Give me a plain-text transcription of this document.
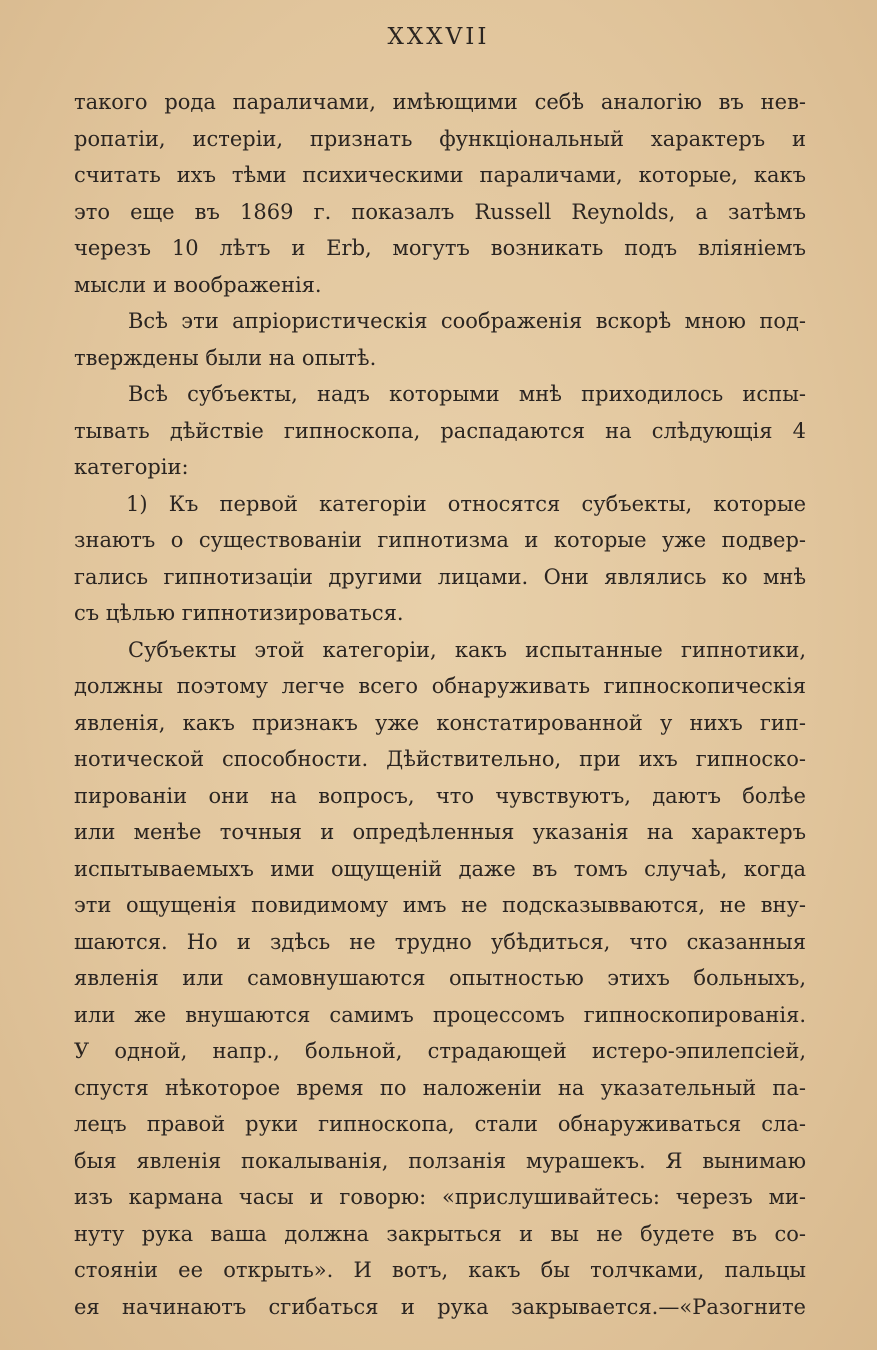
XXXVII

такого рода параличами, имѣющими себѣ аналогію въ нев-
ропатіи, истеріи, признать функціональный характеръ и
считать ихъ тѣми психическими параличами, которые, какъ
это еще въ 1869 г. показалъ Russell Reynolds, а затѣмъ
черезъ 10 лѣтъ и Erb, могутъ возникать подъ вліяніемъ
мысли и воображенія.

Всѣ эти апріористическія соображенія вскорѣ мною под-
тверждены были на опытѣ.

Всѣ субъекты, надъ которыми мнѣ приходилось испы-
тывать дѣйствіе гипноскопа, распадаются на слѣдующія 4
категоріи:

1) Къ первой категоріи относятся субъекты, которые
знаютъ о существованіи гипнотизма и которые уже подвер-
гались гипнотизаціи другими лицами. Они являлись ко мнѣ
съ цѣлью гипнотизироваться.

Субъекты этой категоріи, какъ испытанные гипнотики,
должны поэтому легче всего обнаруживать гипноскопическія
явленія, какъ признакъ уже констатированной у нихъ гип-
нотической способности. Дѣйствительно, при ихъ гипноско-
пированіи они на вопросъ, что чувствуютъ, даютъ болѣе
или менѣе точныя и опредѣленныя указанія на характеръ
испытываемыхъ ими ощущеній даже въ томъ случаѣ, когда
эти ощущенія повидимому имъ не подсказывваются, не вну-
шаются. Но и здѣсь не трудно убѣдиться, что сказанныя
явленія или самовнушаются опытностью этихъ больныхъ,
или же внушаются самимъ процессомъ гипноскопированія.
У одной, напр., больной, страдающей истеро-эпилепсіей,
спустя нѣкоторое время по наложеніи на указательный па-
лецъ правой руки гипноскопа, стали обнаруживаться сла-
быя явленія покалыванія, ползанія мурашекъ. Я вынимаю
изъ кармана часы и говорю: «прислушивайтесь: черезъ ми-
нуту рука ваша должна закрыться и вы не будете въ со-
стояніи ее открыть». И вотъ, какъ бы толчками, пальцы
ея начинаютъ сгибаться и рука закрывается.—«Разогните
